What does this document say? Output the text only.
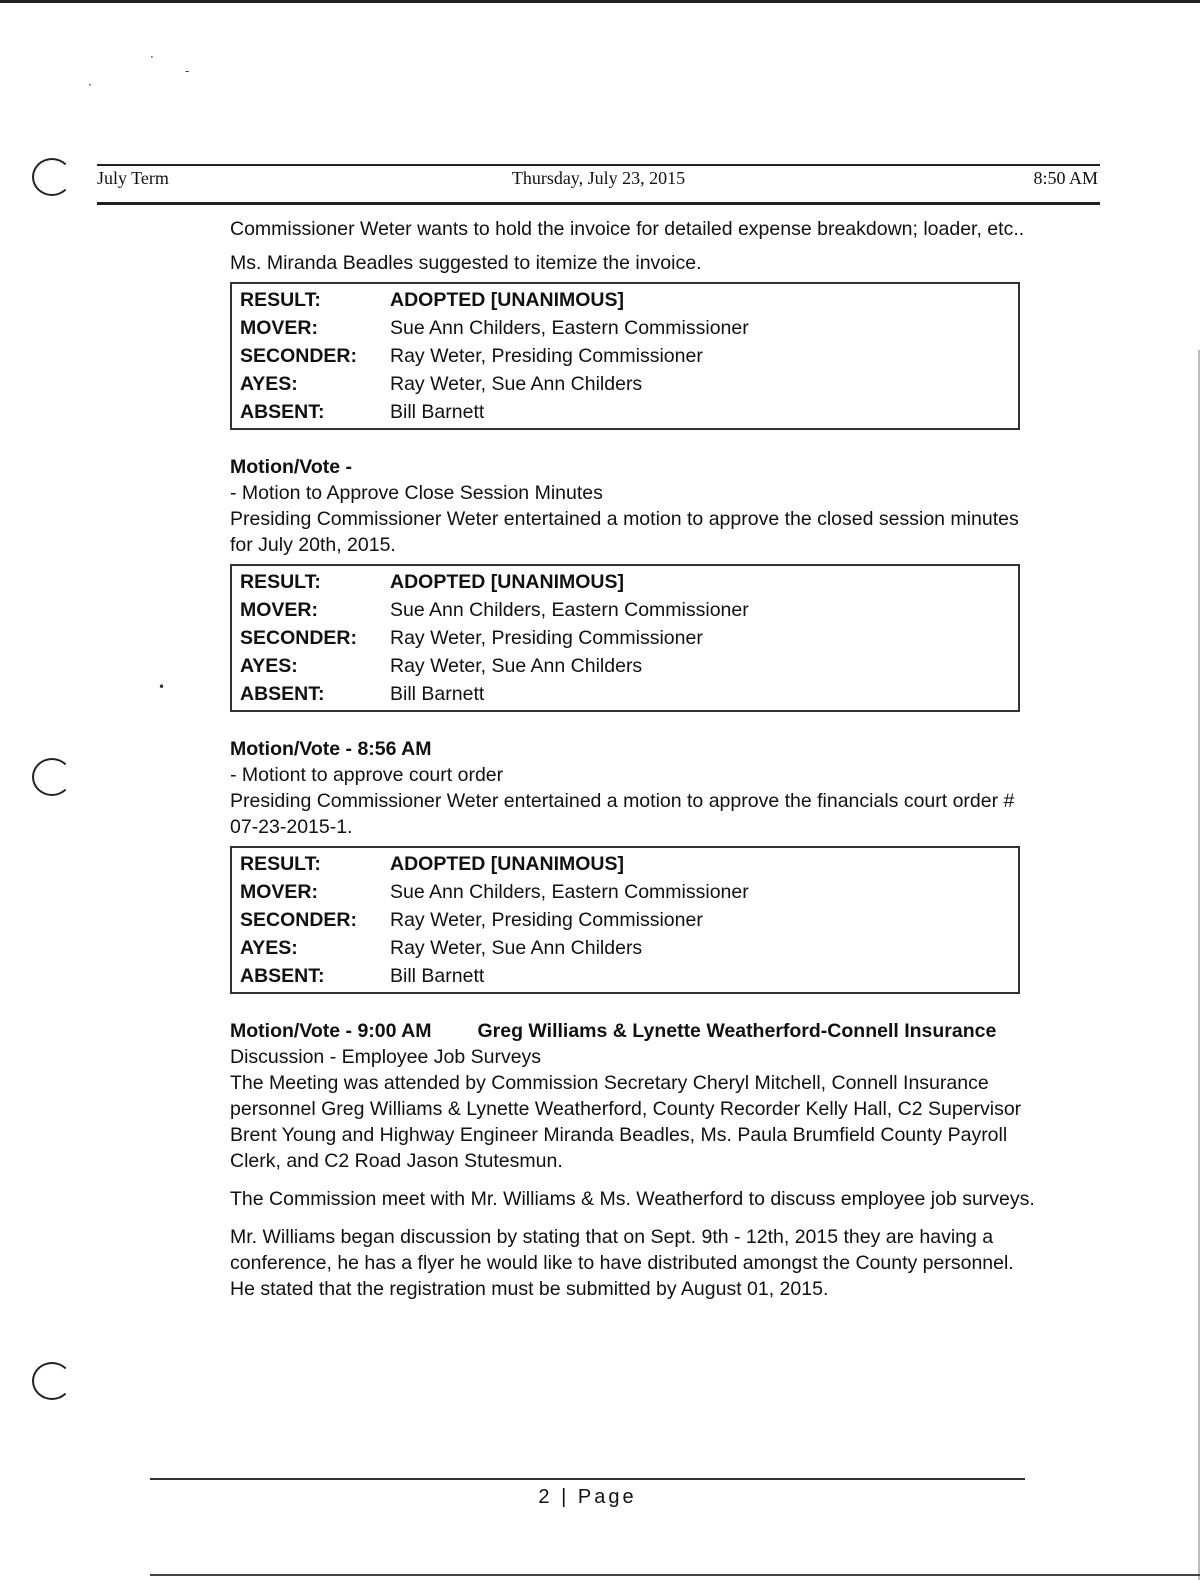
·
-
·
•
July Term	Thursday, July 23, 2015	8:50 AM

Commissioner Weter wants to hold the invoice for detailed expense breakdown; loader, etc..

Ms. Miranda Beadles suggested to itemize the invoice.

RESULT:	ADOPTED [UNANIMOUS]
MOVER:	Sue Ann Childers, Eastern Commissioner
SECONDER:	Ray Weter, Presiding Commissioner
AYES:	Ray Weter, Sue Ann Childers
ABSENT:	Bill Barnett

Motion/Vote -

- Motion to Approve Close Session Minutes

Presiding Commissioner Weter entertained a motion to approve the closed session minutes for July 20th, 2015.

RESULT:	ADOPTED [UNANIMOUS]
MOVER:	Sue Ann Childers, Eastern Commissioner
SECONDER:	Ray Weter, Presiding Commissioner
AYES:	Ray Weter, Sue Ann Childers
ABSENT:	Bill Barnett

Motion/Vote - 8:56 AM

- Motiont to approve court order

Presiding Commissioner Weter entertained a motion to approve the financials court order # 07-23-2015-1.

RESULT:	ADOPTED [UNANIMOUS]
MOVER:	Sue Ann Childers, Eastern Commissioner
SECONDER:	Ray Weter, Presiding Commissioner
AYES:	Ray Weter, Sue Ann Childers
ABSENT:	Bill Barnett
Motion/Vote - 9:00 AM Greg Williams & Lynette Weatherford-Connell Insurance

Discussion - Employee Job Surveys

The Meeting was attended by Commission Secretary Cheryl Mitchell, Connell Insurance personnel Greg Williams & Lynette Weatherford, County Recorder Kelly Hall, C2 Supervisor Brent Young and Highway Engineer Miranda Beadles, Ms. Paula Brumfield County Payroll Clerk, and C2 Road Jason Stutesmun.

The Commission meet with Mr. Williams & Ms. Weatherford to discuss employee job surveys.

Mr. Williams began discussion by stating that on Sept. 9th - 12th, 2015 they are having a conference, he has a flyer he would like to have distributed amongst the County personnel. He stated that the registration must be submitted by August 01, 2015.

2 | Page
